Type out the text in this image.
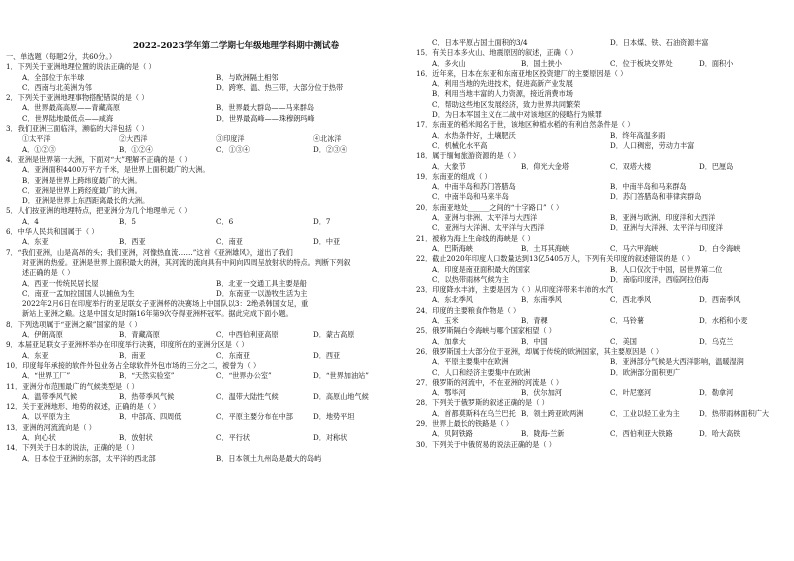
2022-2023学年第二学期七年级地理学科期中测试卷
一、单选题（每题2分，共60分。）
1．下列关于亚洲地理位置的说法正确的是（ ）
A．全部位于东半球	B．与欧洲隔土相邻
C．西南与北美洲为邻	D．跨寒、温、热三带，大部分位于热带
2．下列关于亚洲地理事物搭配错误的是（ ）
A．世界最高高原——青藏高原	B．世界最大群岛——马来群岛
C．世界陆地最低点——咸海	D．世界最高峰——珠穆朗玛峰
3．我们亚洲三面临洋，濒临的大洋包括（ ）
①太平洋	②大西洋	③印度洋	④北冰洋
A．①②③	B．①②④	C．①③④	D．②③④
4．亚洲是世界第一大洲，下面对“大”理解不正确的是（ ）
A．亚洲面积4400万平方千米，是世界上面积最广的大洲。
B．亚洲是世界上跨纬度最广的大洲。
C．亚洲是世界上跨经度最广的大洲。
D．亚洲是世界上东西距离最长的大洲。
5．人们按亚洲的地理特点，把亚洲分为几个地理单元（ ）
A．4	B．5	C．6	D．7
6．中华人民共和国属于（ ）
A．东亚	B．西亚	C．南亚	D．中亚
7．“我们亚洲，山是高昂的头；我们亚洲，河像热血流……”这首《亚洲雄风》，道出了我们
对亚洲的热爱。亚洲是世界上面积最大的洲，其河流的流向具有中间向四周呈放射状的特点。判断下列叙
述正确的是（ ）
A．西亚一传统民居长屋	B．北亚一交通工具主要是船
C．南亚一孟加拉国国人以捕鱼为生	D．东南亚一以游牧生活为主
2022年2月6日在印度举行的亚足联女子亚洲杯的决赛场上中国队以3：2绝杀韩国女足，重
新站上亚洲之巅。这是中国女足时隔16年第9次夺得亚洲杯冠军。据此完成下面小题。
8．下列选项属于“亚洲之巅”国家的是（ ）
A．伊朗高原	B．青藏高原	C．中西伯利亚高原	D．蒙古高原
9．本届亚足联女子亚洲杯举办在印度举行决赛，印度所在的亚洲分区是（ ）
A．东亚	B．南亚	C．东南亚	D．西亚
10．印度每年承接的软件外包业务占全球软件外包市场的三分之二，被誉为（ ）
A．“世界工厂”	B．“天然实验室”	C．“世界办公室”	D．“世界加油站”
11．亚洲分布范围最广的气候类型是（ ）
A．温带季风气候	B．热带季风气候	C．温带大陆性气候	D．高原山地气候
12．关于亚洲地形、地势的叙述，正确的是（ ）
A．以平原为主	B．中部高、四周低	C．平原主要分布在中部	D．地势平坦
13．亚洲的河流流向是（ ）
A．向心状	B．放射状	C．平行状	D．对称状
14．下列关于日本的说法，正确的是（ ）
A．日本位于亚洲的东部，太平洋的西北部	B．日本领土九州岛是最大的岛屿
C．日本平原占国土面积的3/4	D．日本煤、铁、石油资源丰富
15．有关日本多火山、地震原因的叙述，正确（ ）
A．多火山	B．国土狭小	C．位于板块交界处	D．面积小
16．近年来，日本在东亚和东南亚地区投资建厂的主要原因是（ ）
A．利用当地的先进技术，促进高新产业发展
B．利用当地丰富的人力资源，接近消费市场
C．帮助这些地区发展经济，致力世界共同繁荣
D．为日本军国主义在二战中对该地区的侵略行为赎罪
17．东南亚的稻米闻名于世，该地区种植水稻的有利自然条件是（ ）
A．水热条件好，土壤肥沃	B．终年高温多雨
C．机械化水平高	D．人口稠密，劳动力丰富
18．属于缅甸旅游资源的是（ ）
A．大象节	B．仰光大金塔	C．双塔大楼	D．巴厘岛
19．东南亚的组成（ ）
A．中南半岛和苏门答腊岛	B．中南半岛和马来群岛
C．中南半岛和马来半岛	D．苏门答腊岛和菲律宾群岛
20．东南亚地处______之间的“十字路口”（ ）
A．亚洲与非洲、太平洋与大西洋	B．亚洲与欧洲、印度洋和大西洋
C．亚洲与大洋洲、太平洋与大西洋	D．亚洲与大洋洲、太平洋与印度洋
21．被称为海上生命线的海峡是（ ）
A．巴斯海峡	B．土耳其海峡	C．马六甲海峡	D．白令海峡
22．截止2020年印度人口数量达到13亿5405万人，下列有关印度的叙述错误的是（ ）
A．印度是南亚面积最大的国家	B．人口仅次于中国，居世界第二位
C．以热带雨林气候为主	D．南临印度洋，西临阿拉伯海
23．印度降水丰沛，主要是因为（ ）从印度洋带来丰沛的水汽
A．东北季风	B．东南季风	C．西北季风	D．西南季风
24．印度的主要粮食作物是（ ）
A．玉米	B．青稞	C．马铃薯	D．水稻和小麦
25．俄罗斯隔白令海峡与哪个国家相望（ ）
A．加拿大	B．中国	C．美国	D．乌克兰
26．俄罗斯国土大部分位于亚洲，却属于传统的欧洲国家，其主要原因是（ ）
A．平原主要集中在欧洲	B．亚洲部分气候是大西洋影响，温暖湿润
C．人口和经济主要集中在欧洲	D．欧洲部分面积更广
27．俄罗斯的河流中，不在亚洲的河流是（ ）
A．鄂毕河	B．伏尔加河	C．叶尼塞河	D．勒拿河
28．下列关于俄罗斯的叙述正确的是（ ）
A．首都莫斯科在乌兰巴托 B．领土跨亚欧两洲	C．工业以轻工业为主	D．热带雨林面积广大
29．世界上最长的铁路是（ ）
A．贝阿铁路	B．陇海-兰新	C．西伯利亚大铁路	D．哈大高铁
30．下列关于中俄贸易的说法正确的是（ ）
